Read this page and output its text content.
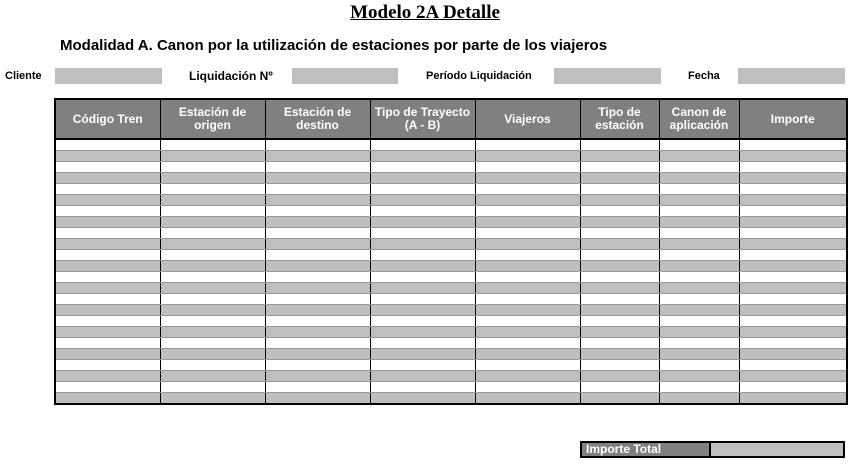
Modelo 2A Detalle
Modalidad A. Canon por la utilización de estaciones por parte de los viajeros
Cliente	Liquidación Nº	Período Liquidación	Fecha
Código Tren	Estación de origen	Estación de destino	Tipo de Trayecto (A - B)	Viajeros	Tipo de estación	Canon de aplicación	Importe

Importe Total
